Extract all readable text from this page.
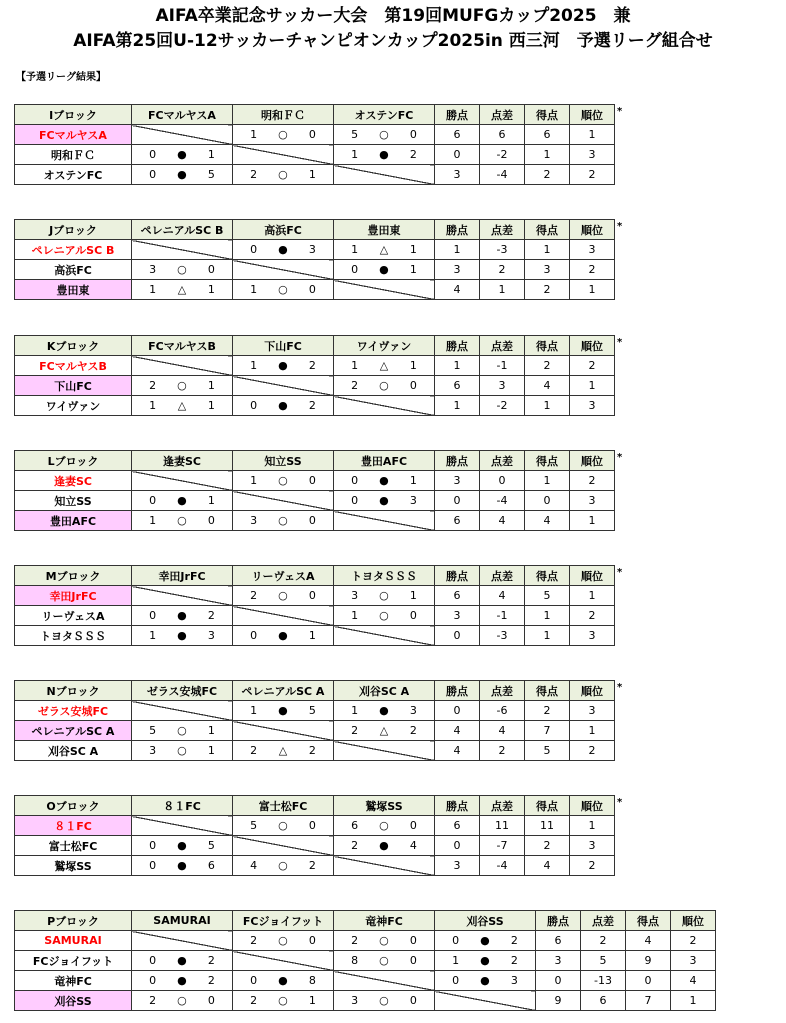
AIFA卒業記念サッカー大会　第19回MUFGカップ2025　兼
AIFA第25回U-12サッカーチャンピオンカップ2025in 西三河　予選リーグ組合せ
【予選リーグ結果】
Iブロック	FCマルヤスA	明和ＦＣ	オステンFC	勝点	点差	得点	順位
FCマルヤスA		1 ○ 0	5 ○ 0	6	6	6	1
明和ＦＣ	0 ● 1		1 ● 2	0	-2	1	3
オステンFC	0 ● 5	2 ○ 1		3	-4	2	2
*
Jブロック	ペレニアルSC B	高浜FC	豊田東	勝点	点差	得点	順位
ペレニアルSC B		0 ● 3	1 △ 1	1	-3	1	3
高浜FC	3 ○ 0		0 ● 1	3	2	3	2
豊田東	1 △ 1	1 ○ 0		4	1	2	1
*
Kブロック	FCマルヤスB	下山FC	ワイヴァン	勝点	点差	得点	順位
FCマルヤスB		1 ● 2	1 △ 1	1	-1	2	2
下山FC	2 ○ 1		2 ○ 0	6	3	4	1
ワイヴァン	1 △ 1	0 ● 2		1	-2	1	3
*
Lブロック	逢妻SC	知立SS	豊田AFC	勝点	点差	得点	順位
逢妻SC		1 ○ 0	0 ● 1	3	0	1	2
知立SS	0 ● 1		0 ● 3	0	-4	0	3
豊田AFC	1 ○ 0	3 ○ 0		6	4	4	1
*
Mブロック	幸田JrFC	リーヴェスA	トヨタＳＳＳ	勝点	点差	得点	順位
幸田JrFC		2 ○ 0	3 ○ 1	6	4	5	1
リーヴェスA	0 ● 2		1 ○ 0	3	-1	1	2
トヨタＳＳＳ	1 ● 3	0 ● 1		0	-3	1	3
*
Nブロック	ゼラス安城FC	ペレニアルSC A	刈谷SC A	勝点	点差	得点	順位
ゼラス安城FC		1 ● 5	1 ● 3	0	-6	2	3
ペレニアルSC A	5 ○ 1		2 △ 2	4	4	7	1
刈谷SC A	3 ○ 1	2 △ 2		4	2	5	2
*
Oブロック	８１FC	富士松FC	鷲塚SS	勝点	点差	得点	順位
８１FC		5 ○ 0	6 ○ 0	6	11	11	1
富士松FC	0 ● 5		2 ● 4	0	-7	2	3
鷲塚SS	0 ● 6	4 ○ 2		3	-4	4	2
*
Pブロック	SAMURAI	FCジョイフット	竜神FC	刈谷SS	勝点	点差	得点	順位
SAMURAI		2 ○ 0	2 ○ 0	0 ● 2	6	2	4	2
FCジョイフット	0 ● 2		8 ○ 0	1 ● 2	3	5	9	3
竜神FC	0 ● 2	0 ● 8		0 ● 3	0	-13	0	4
刈谷SS	2 ○ 0	2 ○ 1	3 ○ 0		9	6	7	1
